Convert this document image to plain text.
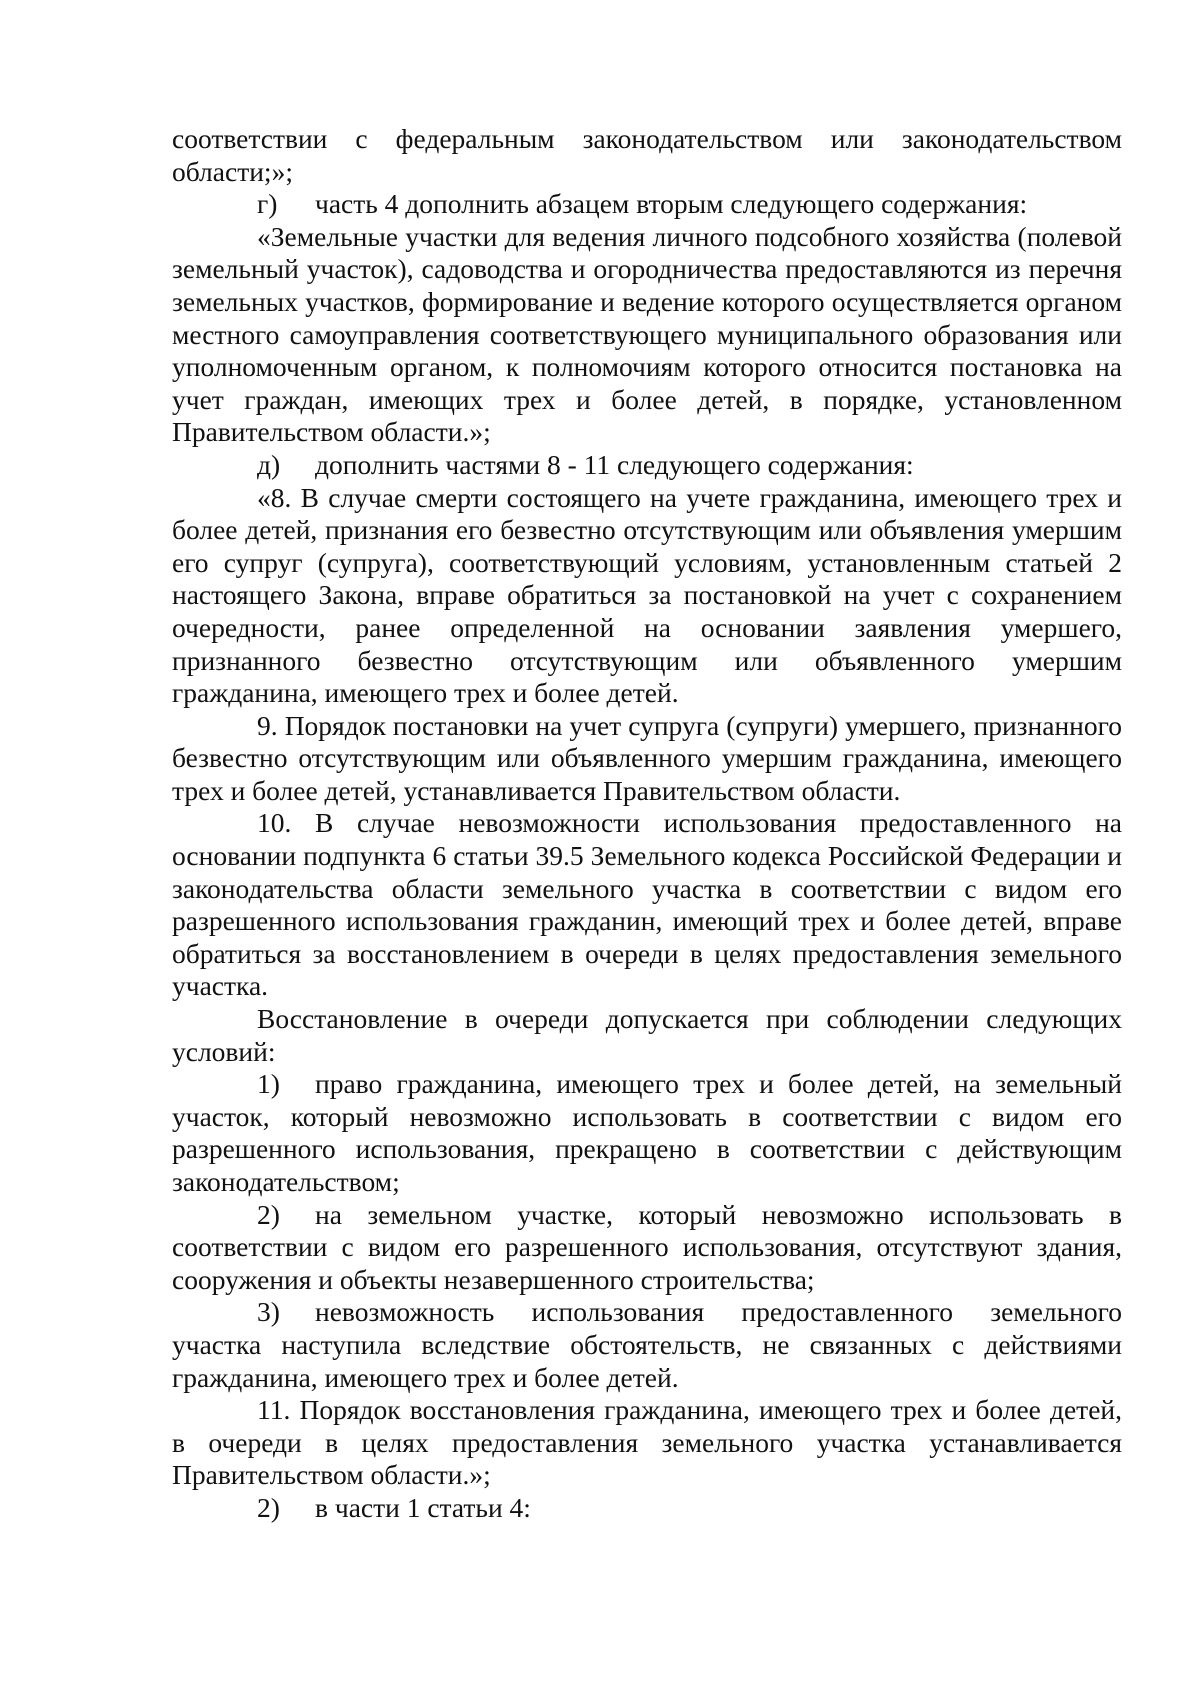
соответствии с федеральным законодательством или законодательством области;»;

г) часть 4 дополнить абзацем вторым следующего содержания:

«Земельные участки для ведения личного подсобного хозяйства (полевой земельный участок), садоводства и огородничества предоставляются из перечня земельных участков, формирование и ведение которого осуществляется органом местного самоуправления соответствующего муниципального образования или уполномоченным органом, к полномочиям которого относится постановка на учет граждан, имеющих трех и более детей, в порядке, установленном Правительством области.»;

д) дополнить частями 8 - 11 следующего содержания:

«8. В случае смерти состоящего на учете гражданина, имеющего трех и более детей, признания его безвестно отсутствующим или объявления умершим его супруг (супруга), соответствующий условиям, установленным статьей 2 настоящего Закона, вправе обратиться за постановкой на учет с сохранением очередности, ранее определенной на основании заявления умершего, признанного безвестно отсутствующим или объявленного умершим гражданина, имеющего трех и более детей.

9. Порядок постановки на учет супруга (супруги) умершего, признанного безвестно отсутствующим или объявленного умершим гражданина, имеющего трех и более детей, устанавливается Правительством области.

10. В случае невозможности использования предоставленного на основании подпункта 6 статьи 39.5 Земельного кодекса Российской Федерации и законодательства области земельного участка в соответствии с видом его разрешенного использования гражданин, имеющий трех и более детей, вправе обратиться за восстановлением в очереди в целях предоставления земельного участка.

Восстановление в очереди допускается при соблюдении следующих условий:

1) право гражданина, имеющего трех и более детей, на земельный участок, который невозможно использовать в соответствии с видом его разрешенного использования, прекращено в соответствии с действующим законодательством;

2) на земельном участке, который невозможно использовать в соответствии с видом его разрешенного использования, отсутствуют здания, сооружения и объекты незавершенного строительства;

3) невозможность использования предоставленного земельного участка наступила вследствие обстоятельств, не связанных с действиями гражданина, имеющего трех и более детей.

11. Порядок восстановления гражданина, имеющего трех и более детей, в очереди в целях предоставления земельного участка устанавливается Правительством области.»;

2) в части 1 статьи 4:
